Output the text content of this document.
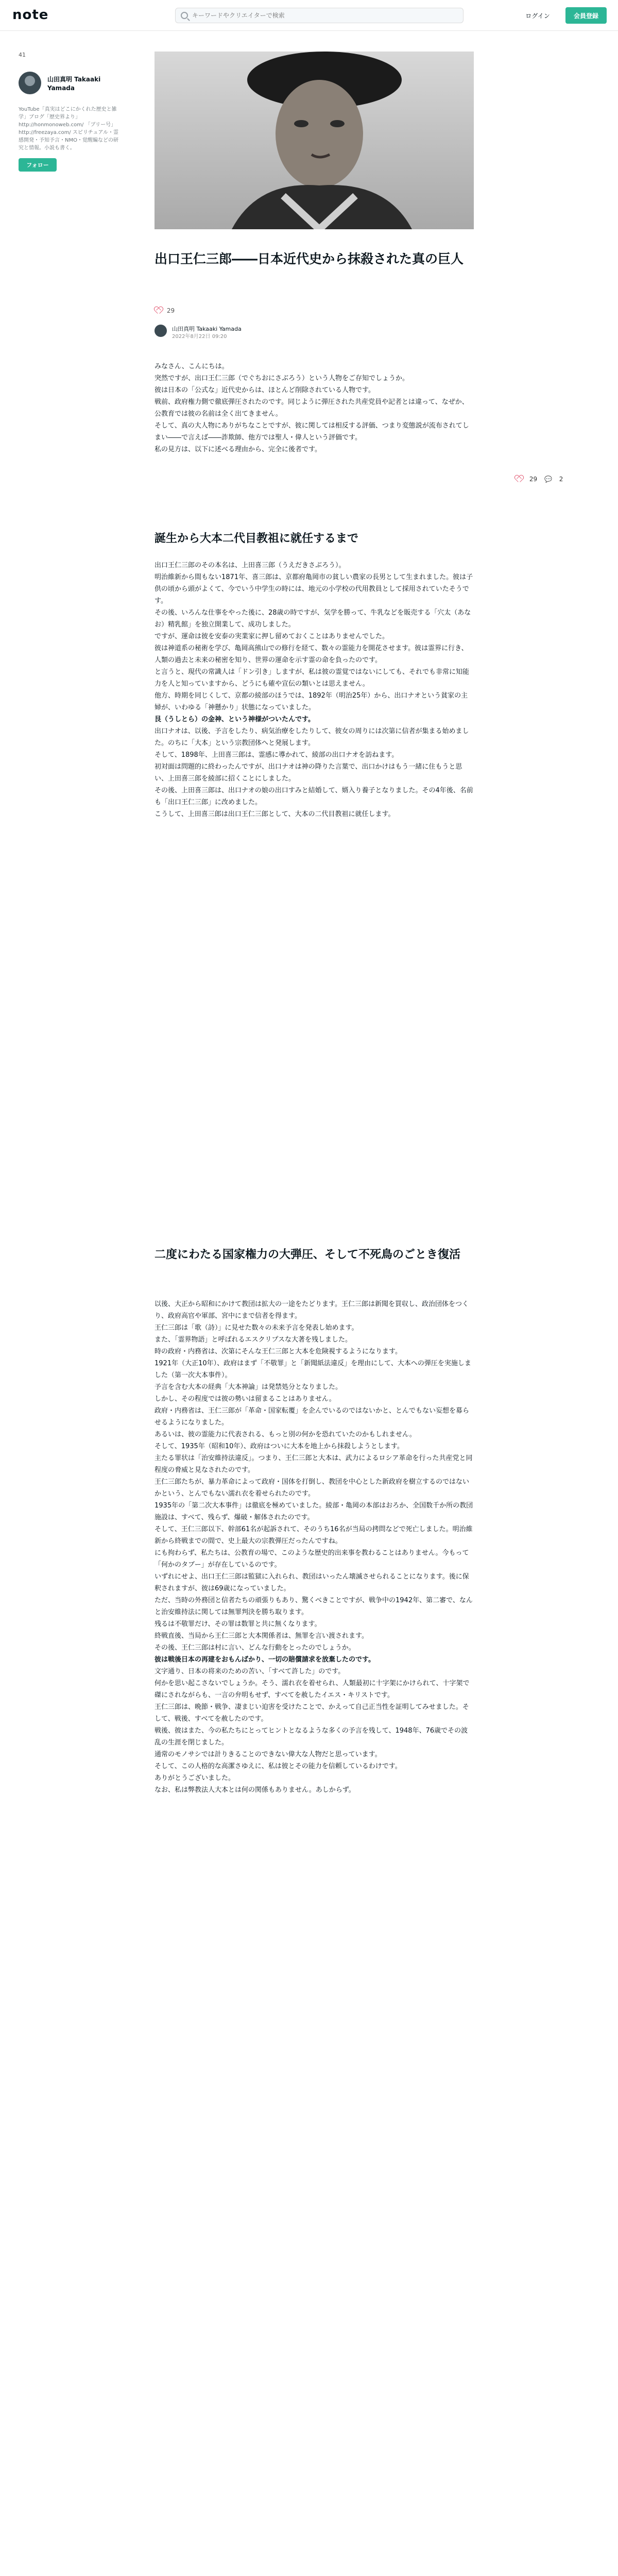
note
キーワードやクリエイターで検索	ログイン	会員登録
41
山田真明 Takaaki Yamada
YouTube「真実はどこにかくれた歴史と雑学」ブログ「歴史界より」 http://honmonoweb.com/ 「ブリー号」 http://freezaya.com/ スピリチュアル・霊感開発・予知予言・NMO・覚醒編などの研究と情報。小説も書く。
フォロー
出口王仁三郎――日本近代史から抹殺された真の巨人
29
山田真明 Takaaki Yamada
2022年8月22日 09:20

みなさん、こんにちは。

突然ですが、出口王仁三郎（でぐちおにさぶろう）という人物をご存知でしょうか。

彼は日本の「公式な」近代史からは、ほとんど削除されている人物です。

戦前、政府権力側で徹底弾圧されたのです。同じように弾圧された共産党員や記者とは違って、なぜか、公教育では彼の名前は全く出てきません。

そして、真の大人物にありがちなことですが、彼に関しては相反する評価、つまり変態説が流布されてしまい――で言えば――詐欺師、他方では聖人・偉人という評価です。

私の見方は、以下に述べる理由から、完全に後者です。

29 💬 2
誕生から大本二代目教祖に就任するまで

出口王仁三郎のその本名は、上田喜三郎（うえだきさぶろう）。

明治維新から間もない1871年、喜三郎は、京都府亀岡市の貧しい農家の長男として生まれました。彼は子供の頃から頭がよくて、今でいう中学生の時には、地元の小学校の代用教員として採用されていたそうです。

その後、いろんな仕事をやった後に、28歳の時ですが、気学を勝って、牛乳などを販売する「穴太（あなお）精乳館」を独立開業して、成功しました。

ですが、運命は彼を安泰の実業家に押し留めておくことはありませんでした。

彼は神道系の秘術を学び、亀岡高熊山での修行を経て、数々の霊能力を開花させます。彼は霊界に行き、人類の過去と未来の秘密を知り、世界の運命を示す霊の命を負ったのです。

と言うと、現代の常識人は「ドン引き」しますが、私は彼の霊覚ではないにしても、それでも非常に知能力を人と知っていますから、どうにも確や宣伝の類いとは思えません。

他方、時期を同じくして、京都の綾部のほうでは、1892年（明治25年）から、出口ナオという貧家の主婦が、いわゆる「神懸かり」状態になっていました。

艮（うしとら）の金神、という神様がついたんです。

出口ナオは、以後、予言をしたり、病気治療をしたりして、彼女の周りには次第に信者が集まる始めました。のちに「大本」という宗教団体へと発展します。

そして、1898年、上田喜三郎は、霊感に導かれて、綾部の出口ナオを訪ねます。

初対面は問題的に終わったんですが、出口ナオは神の降りた言葉で、出口かけはもう一緒に住もうと思い、上田喜三郎を綾部に招くことにしました。

その後、上田喜三郎は、出口ナオの娘の出口すみと結婚して、婿入り養子となりました。その4年後、名前も「出口王仁三郎」に改めました。

こうして、上田喜三郎は出口王仁三郎として、大本の二代目教祖に就任します。

二度にわたる国家権力の大弾圧、そして不死鳥のごとき復活

以後、大正から昭和にかけて教団は拡大の一途をたどります。王仁三郎は新聞を買収し、政治団体をつくり、政府高官や軍部、宮中にまで信者を得ます。

王仁三郎は「歌（詩）」に見せた数々の未来予言を発表し始めます。

また、「霊界物語」と呼ばれるエスクリプスな大著を残しました。

時の政府・内務省は、次第にそんな王仁三郎と大本を危険視するようになります。

1921年（大正10年）、政府はまず「不敬罪」と「新聞紙法違反」を理由にして、大本への弾圧を実施しました（第一次大本事件）。

予言を含む大本の経典「大本神論」は発禁処分となりました。

しかし、その程度では彼の勢いは留まることはありません。

政府・内務省は、王仁三郎が「革命・国家転覆」を企んでいるのではないかと、とんでもない妄想を募らせるようになりました。

あるいは、彼の霊能力に代表される、もっと別の何かを恐れていたのかもしれません。

そして、1935年（昭和10年）、政府はついに大本を地上から抹殺しようとします。

主たる罪状は「治安維持法違反」。つまり、王仁三郎と大本は、武力によるロシア革命を行った共産党と同程度の脅威と見なされたのです。

王仁三郎たちが、暴力革命によって政府・国体を打倒し、教団を中心とした新政府を樹立するのではないかという、とんでもない濡れ衣を着せられたのです。

1935年の「第二次大本事件」は徹底を極めていました。綾部・亀岡の本部はおろか、全国数千か所の教団施設は、すべて、残らず、爆破・解体されたのです。

そして、王仁三郎以下、幹部61名が起訴されて、そのうち16名が当局の拷問などで死亡しました。明治維新から終戦までの間で、史上最大の宗教弾圧だったんですね。

にも拘わらず、私たちは、公教育の場で、このような歴史的出来事を教わることはありません。今もって「何かのタブー」が存在しているのです。

いずれにせよ、出口王仁三郎は監獄に入れられ、教団はいったん壊滅させられることになります。後に保釈されますが、彼は69歳になっていました。

ただ、当時の外務団と信者たちの頑張りもあり、驚くべきことですが、戦争中の1942年、第二審で、なんと治安維持法に関しては無罪判決を勝ち取ります。

残るは不敬罪だけ、その罪は数罪と共に無くなります。

終戦直後、当局から王仁三郎と大本関係者は、無罪を言い渡されます。

その後、王仁三郎は村に言い、どんな行動をとったのでしょうか。

彼は戦後日本の再建をおもんばかり、一切の賠償請求を放棄したのです。

文字通り、日本の将来のための苦い、「すべて許した」のです。

何かを思い起こさないでしょうか。そう、濡れ衣を着せられ、人類最初に十字架にかけられて、十字架で磔にされながらも、一言の弁明もせず、すべてを赦したイエス・キリストです。

王仁三郎は、晩節・戦争、凄まじい迫害を受けたことで、かえって自己正当性を証明してみせました。そして、戦後、すべてを赦したのです。

戦後、彼はまた、今の私たちにとってヒントとなるような多くの予言を残して、1948年、76歳でその波乱の生涯を閉じました。

通常のモノサシでは計りきることのできない偉大な人物だと思っています。

そして、この人格的な高潔さゆえに、私は彼とその能力を信頼しているわけです。

ありがとうございました。

なお、私は弊教法人大本とは何の関係もありません。あしからず。
